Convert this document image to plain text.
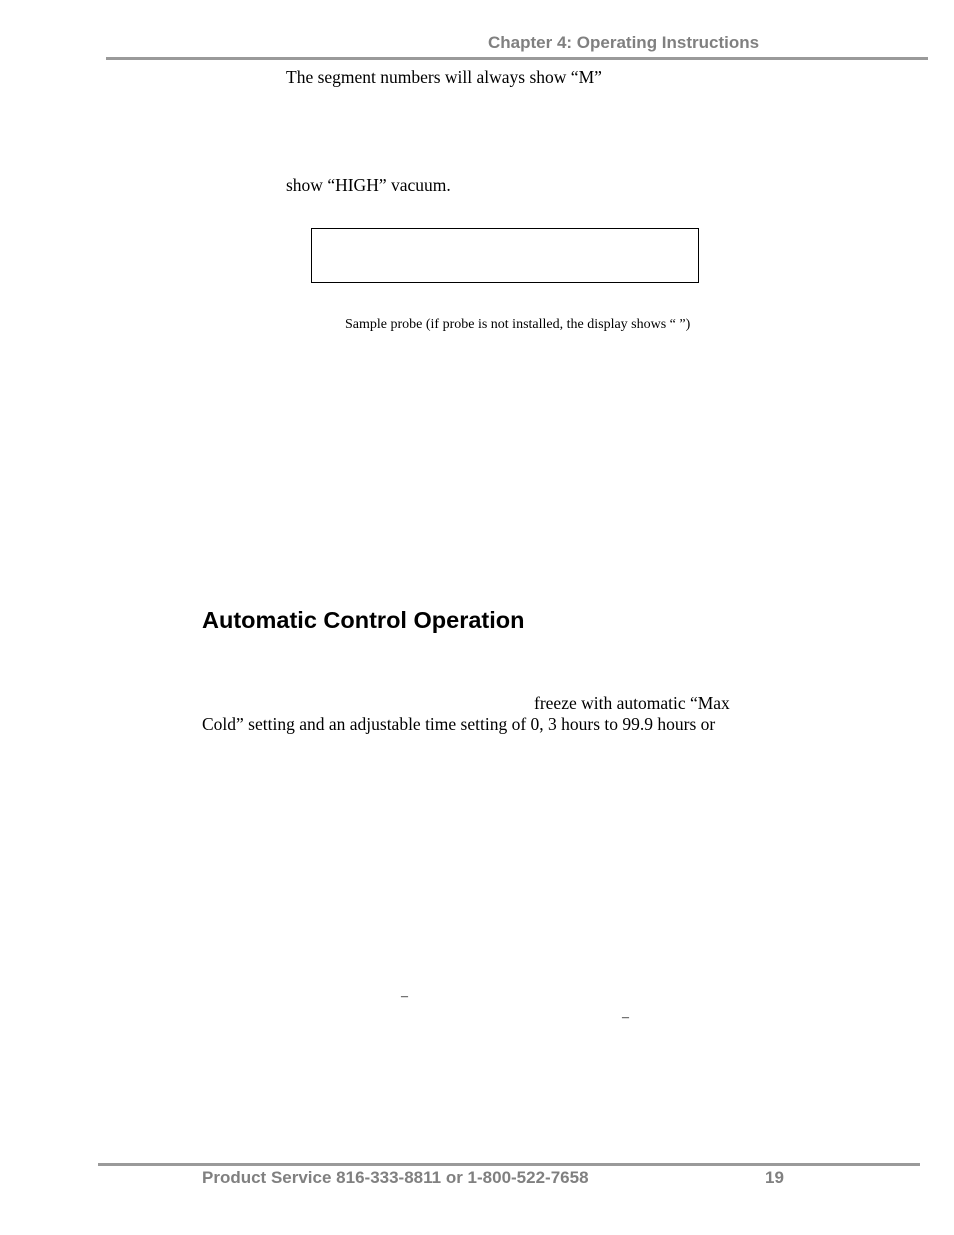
Chapter 4: Operating Instructions
The segment numbers will always show “M”
show “HIGH” vacuum.
Sample probe (if probe is not installed, the display shows “ ”)
Automatic Control Operation
freeze with automatic “Max
Cold” setting and an adjustable time setting of 0, 3 hours to 99.9 hours or
–
–
Product Service 816-333-8811 or 1-800-522-7658	19
